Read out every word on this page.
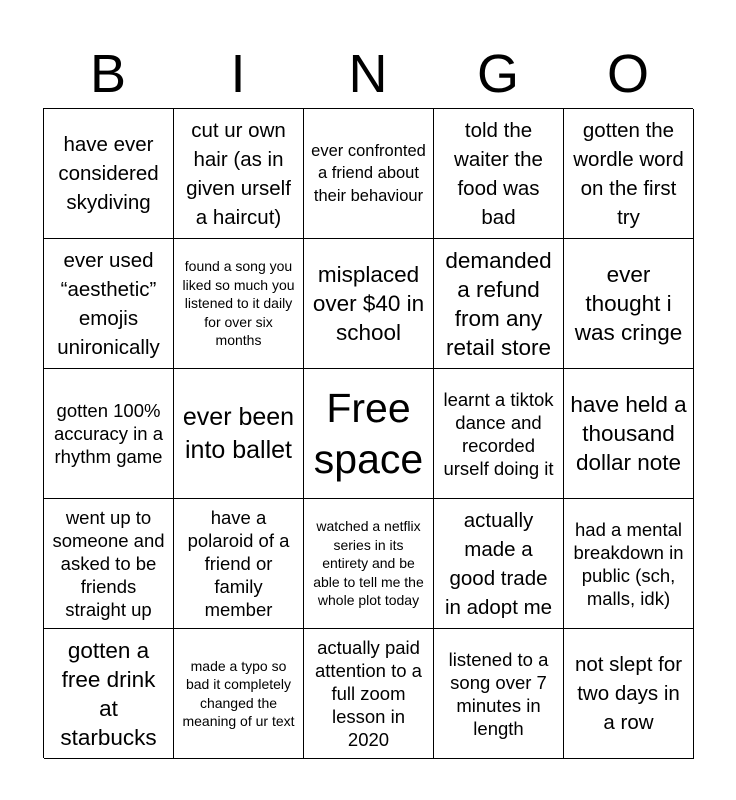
B	I	N	G	O
have ever considered skydiving
cut ur own hair (as in given urself a haircut)
ever confronted a friend about their behaviour
told the waiter the food was bad
gotten the wordle word on the first try
ever used “aesthetic” emojis unironically
found a song you liked so much you listened to it daily for over six months
misplaced over $40 in school
demanded a refund from any retail store
ever thought i was cringe
gotten 100% accuracy in a rhythm game
ever been into ballet
Free space
learnt a tiktok dance and recorded urself doing it
have held a thousand dollar note
went up to someone and asked to be friends straight up
have a polaroid of a friend or family member
watched a netflix series in its entirety and be able to tell me the whole plot today
actually made a good trade in adopt me
had a mental breakdown in public (sch, malls, idk)
gotten a free drink at starbucks
made a typo so bad it completely changed the meaning of ur text
actually paid attention to a full zoom lesson in 2020
listened to a song over 7 minutes in length
not slept for two days in a row
